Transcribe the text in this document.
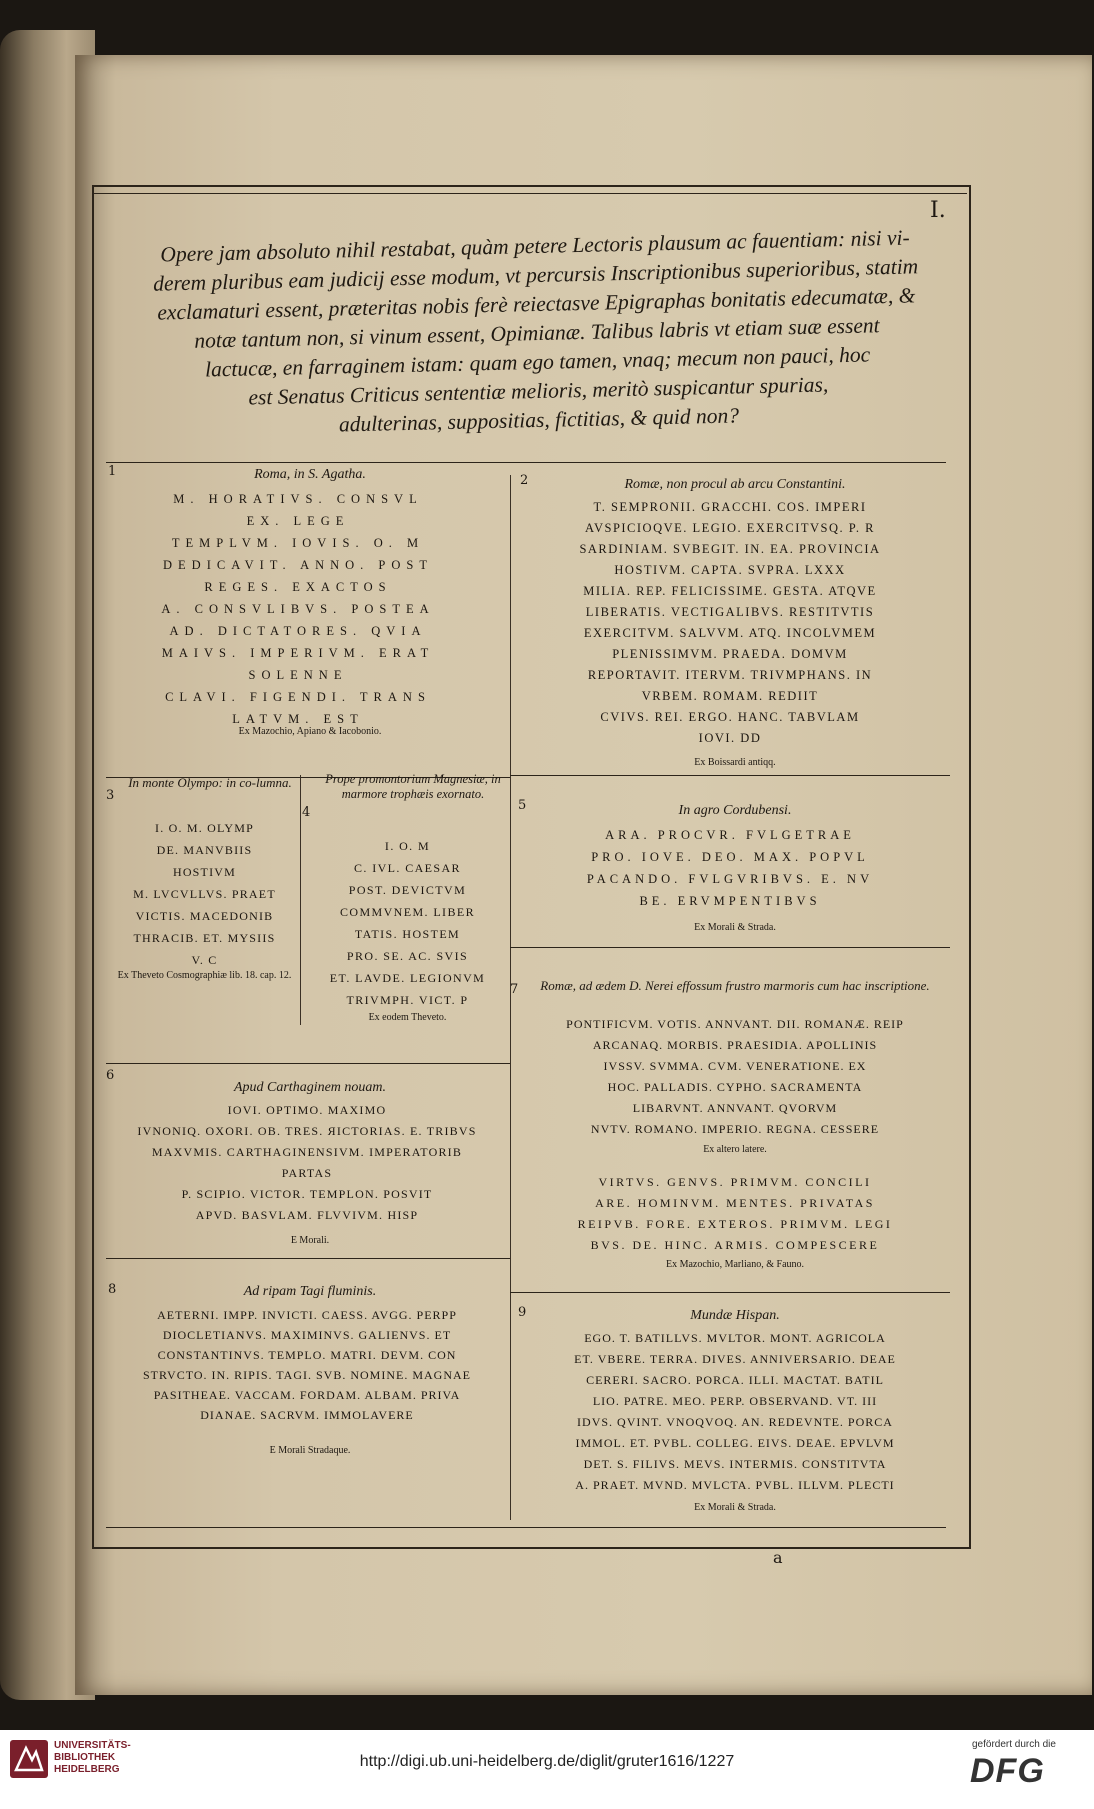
I.
a
Opere jam absoluto nihil restabat, quàm petere Lectoris plausum ac fauentiam: nisi vi-
derem pluribus eam judicij esse modum, vt percursis Inscriptionibus superioribus, statim
exclamaturi essent, præteritas nobis ferè reiectasve Epigraphas bonitatis edecumatæ, &
notæ tantum non, si vinum essent, Opimianæ. Talibus labris vt etiam suæ essent
lactucæ, en farraginem istam: quam ego tamen, vnaq; mecum non pauci, hoc
est Senatus Criticus sententiæ melioris, meritò suspicantur spurias,
adulterinas, suppositias, fictitias, & quid non?
1	Roma, in S. Agatha.
M. HORATIVS. CONSVL
EX. LEGE
TEMPLVM. IOVIS. O. M
DEDICAVIT. ANNO. POST
REGES. EXACTOS
A. CONSVLIBVS. POSTEA
AD. DICTATORES. QVIA
MAIVS. IMPERIVM. ERAT
SOLENNE
CLAVI. FIGENDI. TRANS
LATVM. EST
Ex Mazochio, Apiano & Iacobonio.
2	Romæ, non procul ab arcu Constantini.
T. SEMPRONII. GRACCHI. COS. IMPERI
AVSPICIOQVE. LEGIO. EXERCITVSQ. P. R
SARDINIAM. SVBEGIT. IN. EA. PROVINCIA
HOSTIVM. CAPTA. SVPRA. LXXX
MILIA. REP. FELICISSIME. GESTA. ATQVE
LIBERATIS. VECTIGALIBVS. RESTITVTIS
EXERCITVM. SALVVM. ATQ. INCOLVMEM
PLENISSIMVM. PRAEDA. DOMVM
REPORTAVIT. ITERVM. TRIVMPHANS. IN
VRBEM. ROMAM. REDIIT
CVIVS. REI. ERGO. HANC. TABVLAM
IOVI. DD
Ex Boissardi antiqq.
3
In monte Olympo: in co-lumna.
I. O. M. OLYMP
DE. MANVBIIS
HOSTIVM
M. LVCVLLVS. PRAET
VICTIS. MACEDONIB
THRACIB. ET. MYSIIS
V. C
Ex Theveto Cosmographiæ lib. 18. cap. 12.
4
Prope promontorium Magnesiæ, in marmore trophæis exornato.
I. O. M
C. IVL. CAESAR
POST. DEVICTVM
COMMVNEM. LIBER
TATIS. HOSTEM
PRO. SE. AC. SVIS
ET. LAVDE. LEGIONVM
TRIVMPH. VICT. P
Ex eodem Theveto.
5	In agro Cordubensi.
ARA. PROCVR. FVLGETRAE
PRO. IOVE. DEO. MAX. POPVL
PACANDO. FVLGVRIBVS. E. NV
BE. ERVMPENTIBVS
Ex Morali & Strada.
6
Apud Carthaginem nouam.
IOVI. OPTIMO. MAXIMO
IVNONIQ. OXORI. OB. TRES. ЯICTORIAS. E. TRIBVS
MAXVMIS. CARTHAGINENSIVM. IMPERATORIB
PARTAS
P. SCIPIO. VICTOR. TEMPLON. POSVIT
APVD. BASVLAM. FLVVIVM. HISP
E Morali.
7	Romæ, ad ædem D. Nerei effossum frustro marmoris cum hac inscriptione.
PONTIFICVM. VOTIS. ANNVANT. DII. ROMANÆ. REIP
ARCANAQ. MORBIS. PRAESIDIA. APOLLINIS
IVSSV. SVMMA. CVM. VENERATIONE. EX
HOC. PALLADIS. CYPHO. SACRAMENTA
LIBARVNT. ANNVANT. QVORVM
NVTV. ROMANO. IMPERIO. REGNA. CESSERE
Ex altero latere.
VIRTVS. GENVS. PRIMVM. CONCILI
ARE. HOMINVM. MENTES. PRIVATAS
REIPVB. FORE. EXTEROS. PRIMVM. LEGI
BVS. DE. HINC. ARMIS. COMPESCERE
Ex Mazochio, Marliano, & Fauno.
8	Ad ripam Tagi fluminis.
AETERNI. IMPP. INVICTI. CAESS. AVGG. PERPP
DIOCLETIANVS. MAXIMINVS. GALIENVS. ET
CONSTANTINVS. TEMPLO. MATRI. DEVM. CON
STRVCTO. IN. RIPIS. TAGI. SVB. NOMINE. MAGNAE
PASITHEAE. VACCAM. FORDAM. ALBAM. PRIVA
DIANAE. SACRVM. IMMOLAVERE
E Morali Stradaque.
9	Mundæ Hispan.
EGO. T. BATILLVS. MVLTOR. MONT. AGRICOLA
ET. VBERE. TERRA. DIVES. ANNIVERSARIO. DEAE
CERERI. SACRO. PORCA. ILLI. MACTAT. BATIL
LIO. PATRE. MEO. PERP. OBSERVAND. VT. III
IDVS. QVINT. VNOQVOQ. AN. REDEVNTE. PORCA
IMMOL. ET. PVBL. COLLEG. EIVS. DEAE. EPVLVM
DET. S. FILIVS. MEVS. INTERMIS. CONSTITVTA
A. PRAET. MVND. MVLCTA. PVBL. ILLVM. PLECTI
Ex Morali & Strada.
UNIVERSITÄTS-
BIBLIOTHEK
HEIDELBERG	http://digi.ub.uni-heidelberg.de/diglit/gruter1616/1227
gefördert durch die
DFG
